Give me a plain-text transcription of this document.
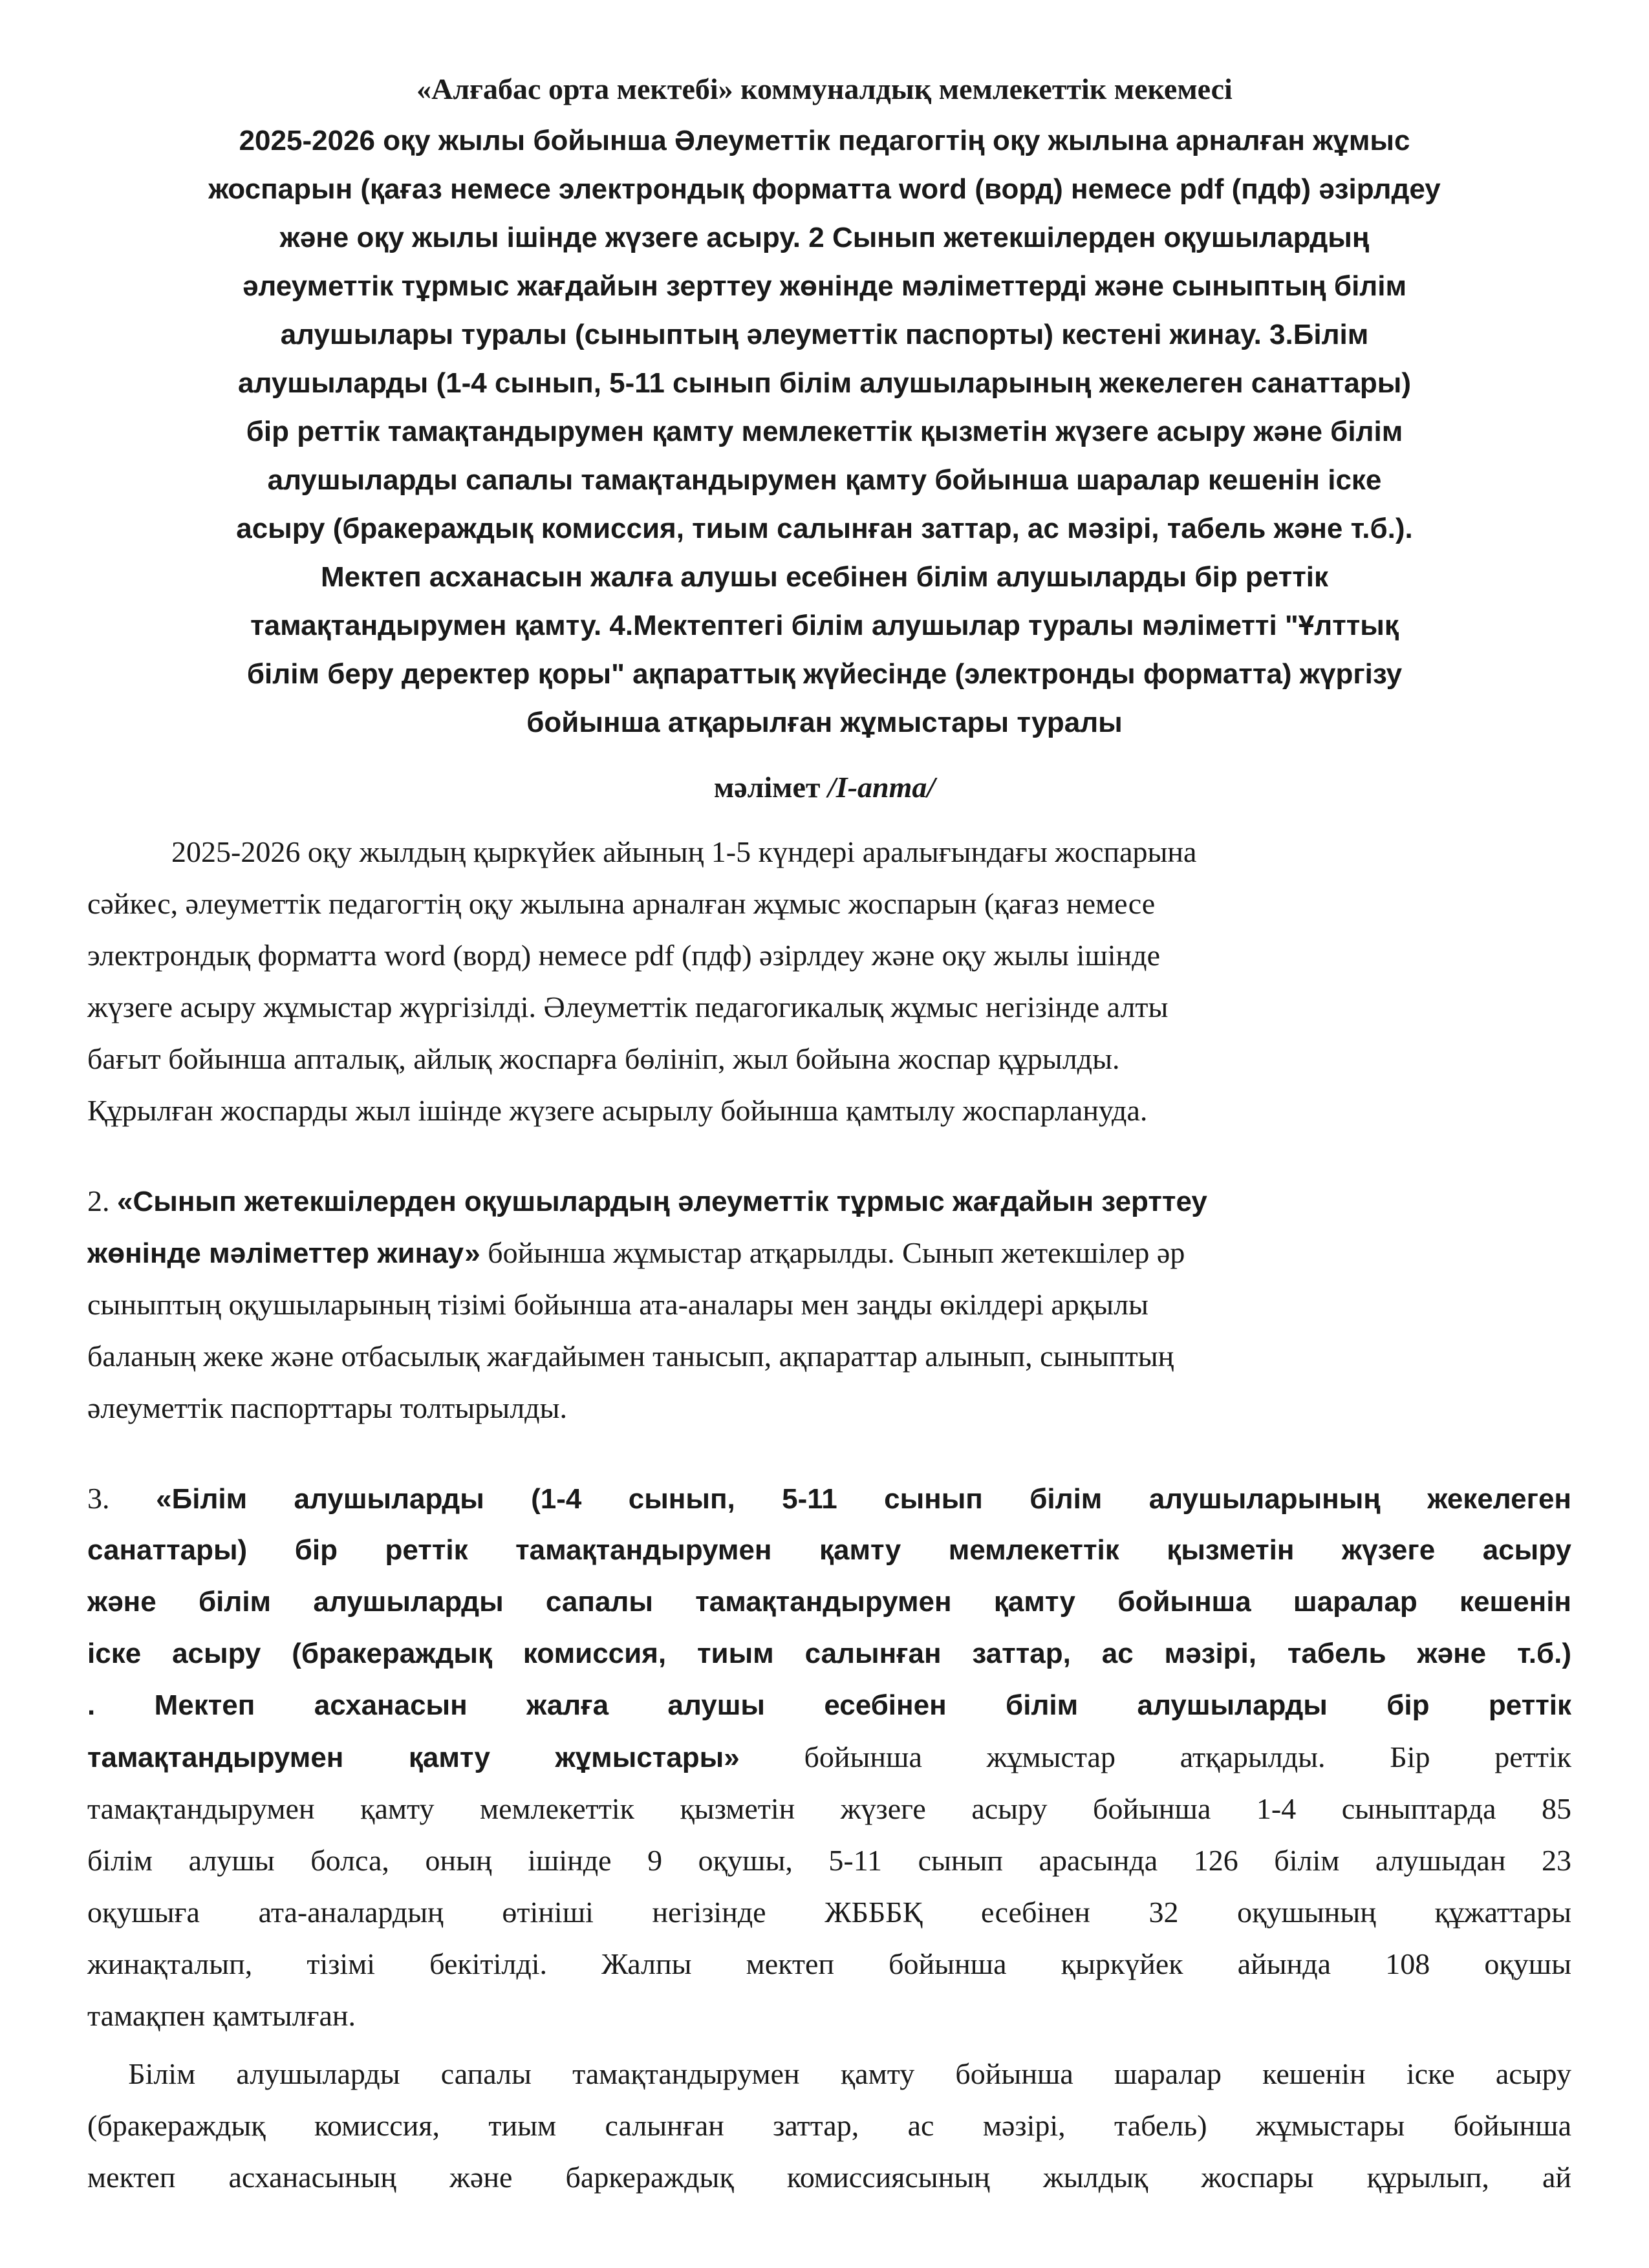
«Алғабас орта мектебі» коммуналдық мемлекеттік мекемесі
2025-2026 оқу жылы бойынша Әлеуметтік педагогтің оқу жылына арналған жұмыс
жоспарын (қағаз немесе электрондық форматта word (ворд) немесе pdf (пдф) әзірлдеу
және оқу жылы ішінде жүзеге асыру. 2 Сынып жетекшілерден оқушылардың
әлеуметтік тұрмыс жағдайын зерттеу жөнінде мәліметтерді және сыныптың білім
алушылары туралы (сыныптың әлеуметтік паспорты) кестені жинау. 3.Білім
алушыларды (1-4 сынып, 5-11 сынып білім алушыларының жекелеген санаттары)
бір реттік тамақтандырумен қамту мемлекеттік қызметін жүзеге асыру және білім
алушыларды сапалы тамақтандырумен қамту бойынша шаралар кешенін іске
асыру (бракераждық комиссия, тиым салынған заттар, ас мәзірі, табель және т.б.).
Мектеп асханасын жалға алушы есебінен білім алушыларды бір реттік
тамақтандырумен қамту. 4.Мектептегі білім алушылар туралы мәліметті "Ұлттық
білім беру деректер қоры" ақпараттық жүйесінде (электронды форматта) жүргізу
бойынша атқарылған жұмыстары туралы
мәлімет /I-апта/
2025-2026 оқу жылдың қыркүйек айының 1-5 күндері аралығындағы жоспарына
сәйкес, әлеуметтік педагогтің оқу жылына арналған жұмыс жоспарын (қағаз немесе
электрондық форматта word (ворд) немесе pdf (пдф) әзірлдеу және оқу жылы ішінде
жүзеге асыру жұмыстар жүргізілді. Әлеуметтік педагогикалық жұмыс негізінде алты
бағыт бойынша апталық, айлық жоспарға бөлініп, жыл бойына жоспар құрылды.
Құрылған жоспарды жыл ішінде жүзеге асырылу бойынша қамтылу жоспарлануда.
2. «Сынып жетекшілерден оқушылардың әлеуметтік тұрмыс жағдайын зерттеу
жөнінде мәліметтер жинау» бойынша жұмыстар атқарылды. Сынып жетекшілер әр
сыныптың оқушыларының тізімі бойынша ата-аналары мен заңды өкілдері арқылы
баланың жеке және отбасылық жағдайымен танысып, ақпараттар алынып, сыныптың
әлеуметтік паспорттары толтырылды.
3. «Білім алушыларды (1-4 сынып, 5-11 сынып білім алушыларының жекелеген
санаттары) бір реттік тамақтандырумен қамту мемлекеттік қызметін жүзеге асыру
және білім алушыларды сапалы тамақтандырумен қамту бойынша шаралар кешенін
іске асыру (бракераждық комиссия, тиым салынған заттар, ас мәзірі, табель және т.б.)
. Мектеп асханасын жалға алушы есебінен білім алушыларды бір реттік
тамақтандырумен қамту жұмыстары» бойынша жұмыстар атқарылды. Бір реттік
тамақтандырумен қамту мемлекеттік қызметін жүзеге асыру бойынша 1-4 сыныптарда 85
білім алушы болса, оның ішінде 9 оқушы, 5-11 сынып арасында 126 білім алушыдан 23
оқушыға ата-аналардың өтініші негізінде ЖБББҚ есебінен 32 оқушының құжаттары
жинақталып, тізімі бекітілді. Жалпы мектеп бойынша қыркүйек айында 108 оқушы
тамақпен қамтылған.
Білім алушыларды сапалы тамақтандырумен қамту бойынша шаралар кешенін іске асыру
(бракераждық комиссия, тиым салынған заттар, ас мәзірі, табель) жұмыстары бойынша
мектеп асханасының және баркераждық комиссиясының жылдық жоспары құрылып, ай
